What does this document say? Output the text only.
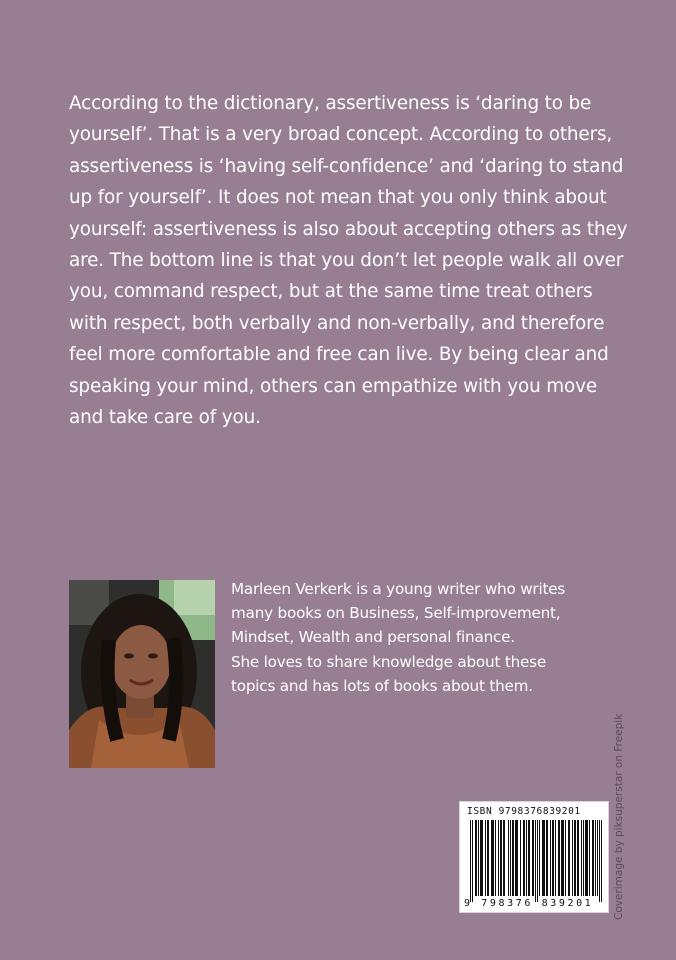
According to the dictionary, assertiveness is ‘daring to be yourself’. That is a very broad concept. According to others, assertiveness is ‘having self-confidence’ and ‘daring to stand up for yourself’. It does not mean that you only think about yourself: assertiveness is also about accepting others as they are. The bottom line is that you don’t let people walk all over you, command respect, but at the same time treat others with respect, both verbally and non-verbally, and therefore feel more comfortable and free can live. By being clear and speaking your mind, others can empathize with you move and take care of you.

Marleen Verkerk is a young writer who writes
many books on Business, Self-improvement,
Mindset, Wealth and personal finance.
She loves to share knowledge about these
topics and has lots of books about them.
Coverimage by piksuperstar on Freepik
ISBN 9798376839201
9 798376 839201
